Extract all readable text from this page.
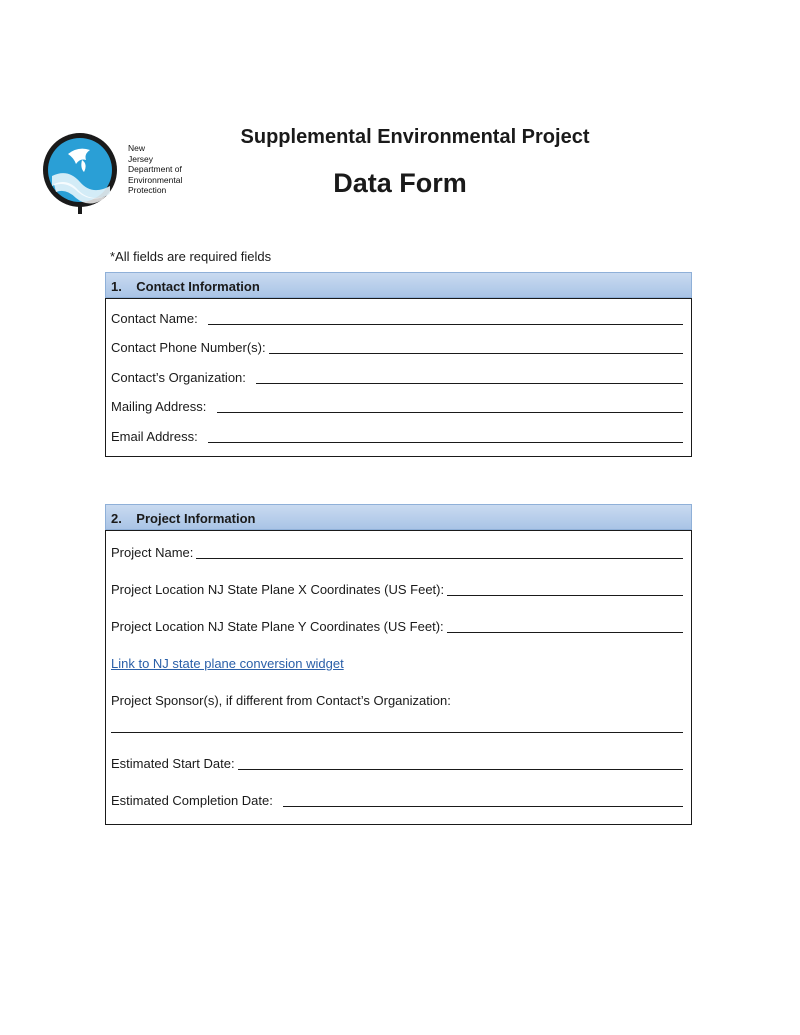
New
Jersey
Department of
Environmental
Protection
Supplemental Environmental Project
Data Form
*All fields are required fields
1.    Contact Information
Contact Name:
Contact Phone Number(s):
Contact’s Organization:
Mailing Address:
Email Address:
2.    Project Information
Project Name:
Project Location NJ State Plane X Coordinates (US Feet):
Project Location NJ State Plane Y Coordinates (US Feet):
Link to NJ state plane conversion widget
Project Sponsor(s), if different from Contact’s Organization:
Estimated Start Date:
Estimated Completion Date:
